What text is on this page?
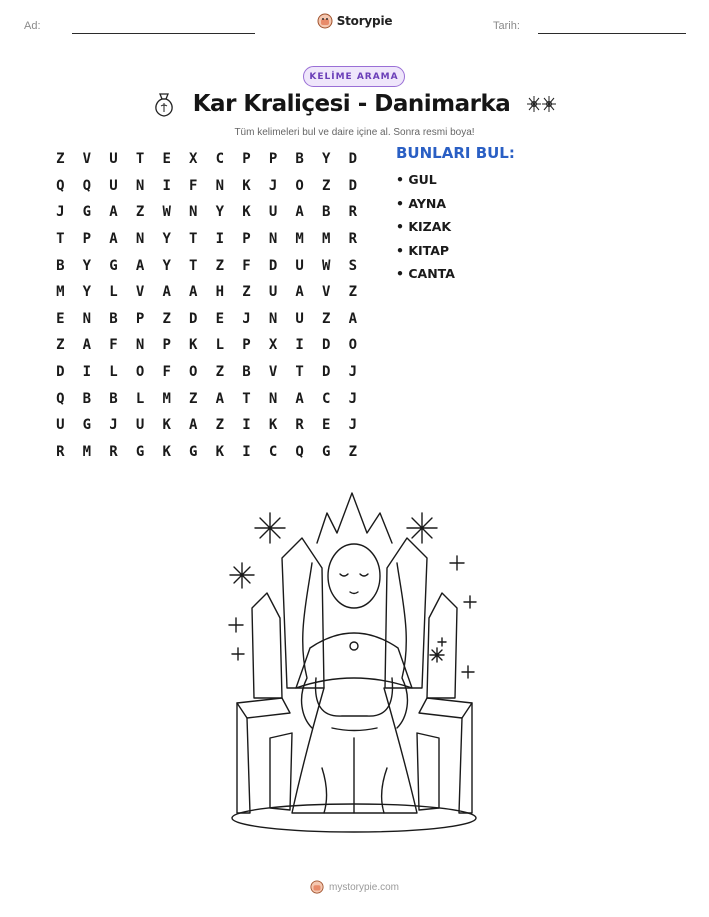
Ad:	Tarih:
Storypie
KELİME ARAMA
Kar Kraliçesi - Danimarka
Tüm kelimeleri bul ve daire içine al. Sonra resmi boya!
Z	V	U	T	E	X	C	P	P	B	Y	D
Q	Q	U	N	I	F	N	K	J	O	Z	D
J	G	A	Z	W	N	Y	K	U	A	B	R
T	P	A	N	Y	T	I	P	N	M	M	R
B	Y	G	A	Y	T	Z	F	D	U	W	S
M	Y	L	V	A	A	H	Z	U	A	V	Z
E	N	B	P	Z	D	E	J	N	U	Z	A
Z	A	F	N	P	K	L	P	X	I	D	O
D	I	L	O	F	O	Z	B	V	T	D	J
Q	B	B	L	M	Z	A	T	N	A	C	J
U	G	J	U	K	A	Z	I	K	R	E	J
R	M	R	G	K	G	K	I	C	Q	G	Z
BUNLARI BUL:
• GUL
• AYNA
• KIZAK
• KITAP
• CANTA
mystorypie.com
